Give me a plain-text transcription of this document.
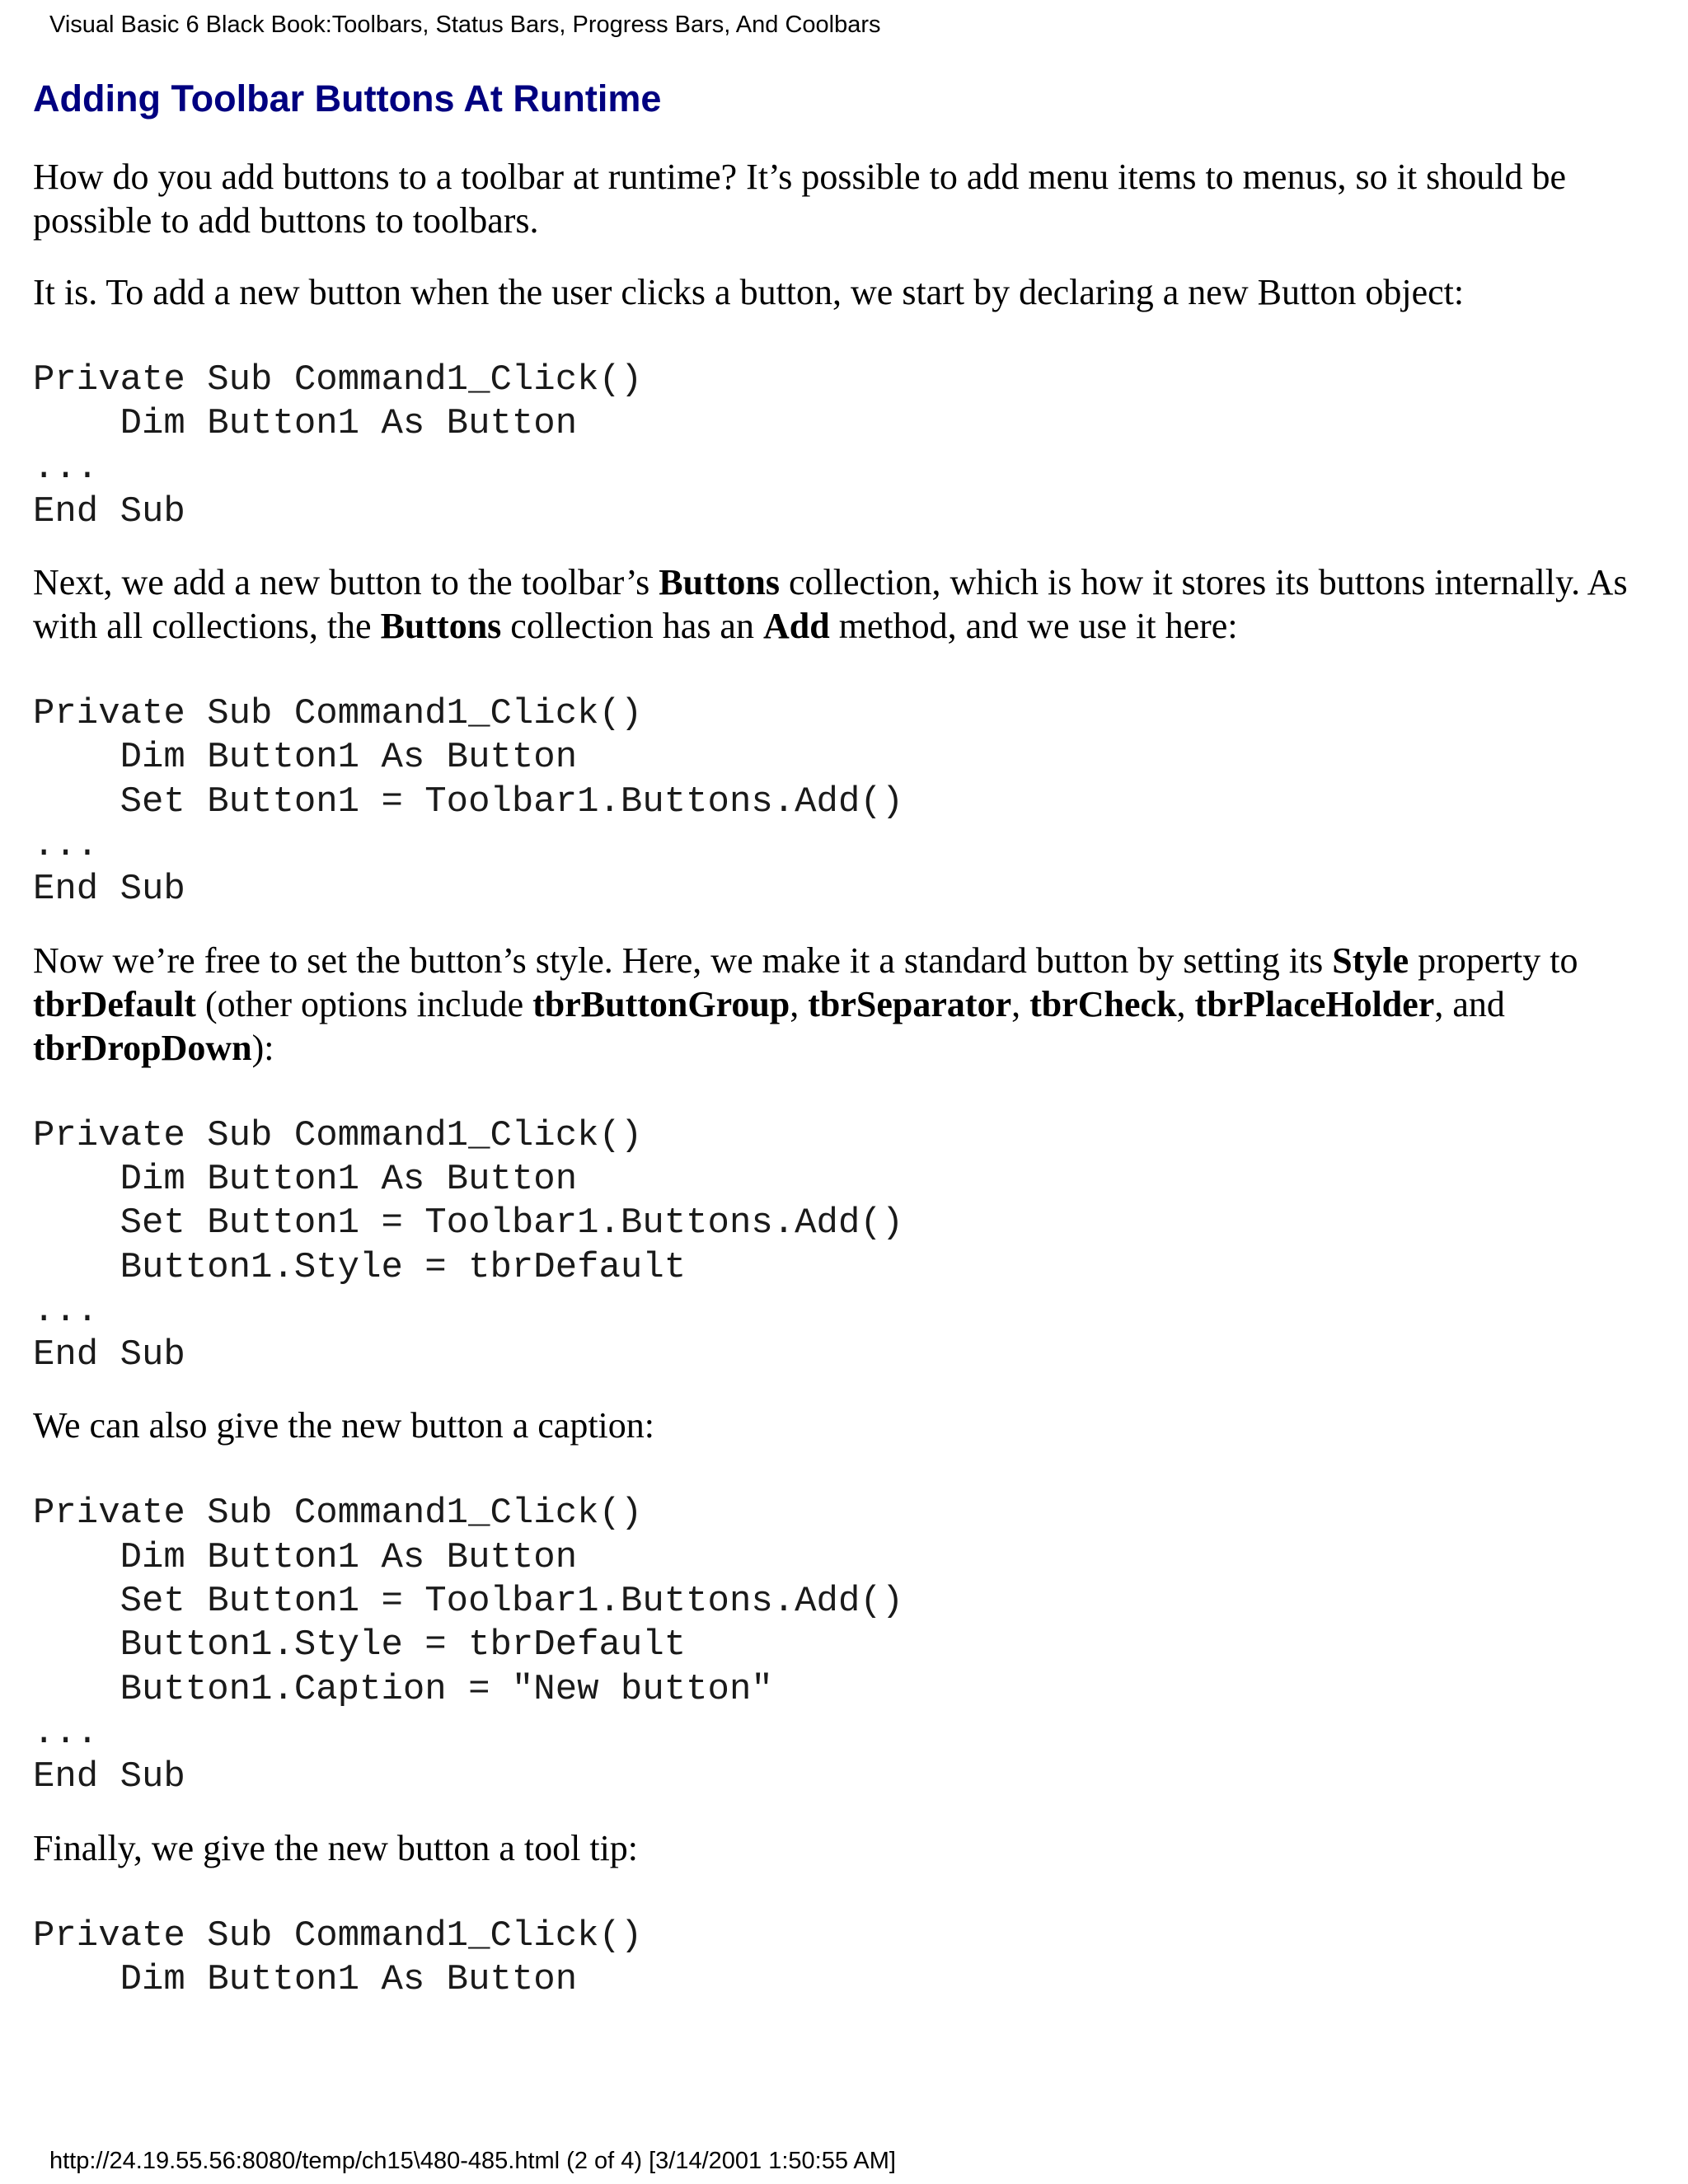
Visual Basic 6 Black Book:Toolbars, Status Bars, Progress Bars, And Coolbars
Adding Toolbar Buttons At Runtime

How do you add buttons to a toolbar at runtime? It’s possible to add menu items to menus, so it should be possible to add buttons to toolbars.

It is. To add a new button when the user clicks a button, we start by declaring a new Button object:

Private Sub Command1_Click()
Dim Button1 As Button
...
End Sub

Next, we add a new button to the toolbar’s Buttons collection, which is how it stores its buttons internally. As with all collections, the Buttons collection has an Add method, and we use it here:

Private Sub Command1_Click()
Dim Button1 As Button
Set Button1 = Toolbar1.Buttons.Add()
...
End Sub

Now we’re free to set the button’s style. Here, we make it a standard button by setting its Style property to tbrDefault (other options include tbrButtonGroup, tbrSeparator, tbrCheck, tbrPlaceHolder, and tbrDropDown):

Private Sub Command1_Click()
Dim Button1 As Button
Set Button1 = Toolbar1.Buttons.Add()
Button1.Style = tbrDefault
...
End Sub

We can also give the new button a caption:

Private Sub Command1_Click()
Dim Button1 As Button
Set Button1 = Toolbar1.Buttons.Add()
Button1.Style = tbrDefault
Button1.Caption = "New button"
...
End Sub

Finally, we give the new button a tool tip:

Private Sub Command1_Click()
Dim Button1 As Button
http://24.19.55.56:8080/temp/ch15\480-485.html (2 of 4) [3/14/2001 1:50:55 AM]
